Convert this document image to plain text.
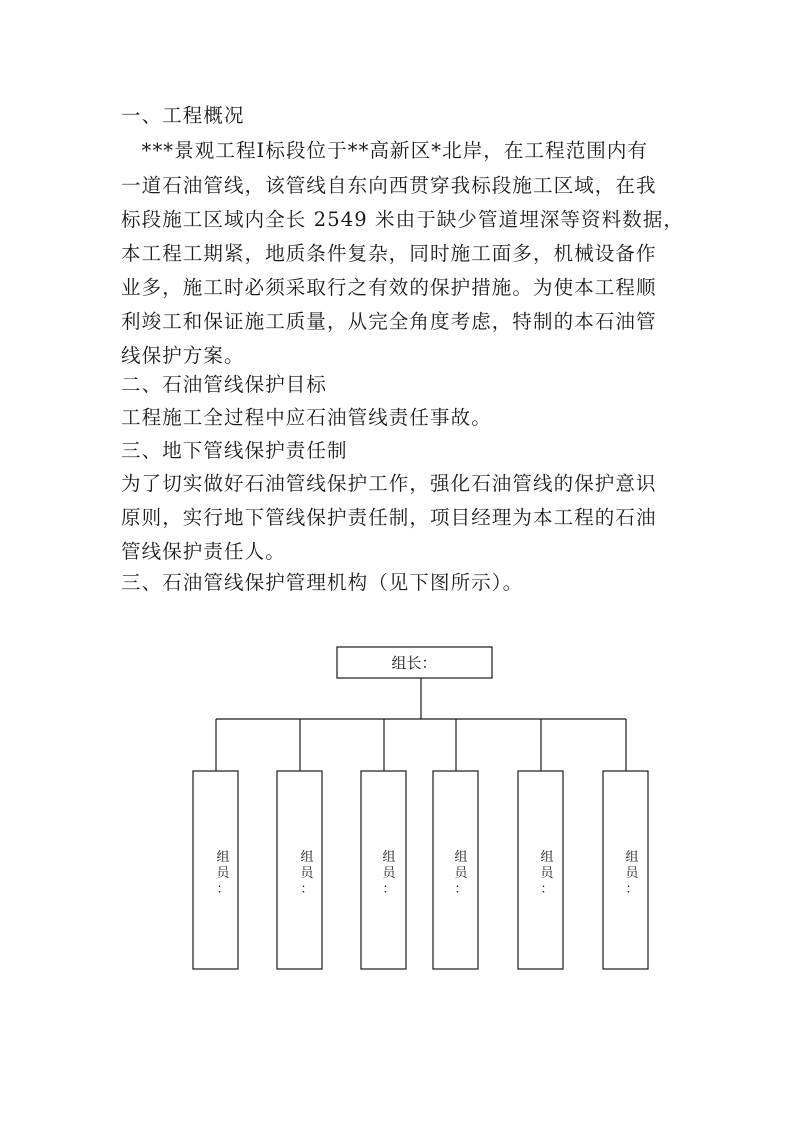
一、工程概况
　***景观工程Ⅰ标段位于**高新区*北岸，在工程范围内有
一道石油管线，该管线自东向西贯穿我标段施工区域，在我
标段施工区域内全长 2549 米由于缺少管道埋深等资料数据，
本工程工期紧，地质条件复杂，同时施工面多，机械设备作
业多，施工时必须采取行之有效的保护措施。为使本工程顺
利竣工和保证施工质量，从完全角度考虑，特制的本石油管
线保护方案。
二、石油管线保护目标
工程施工全过程中应石油管线责任事故。
三、地下管线保护责任制
为了切实做好石油管线保护工作，强化石油管线的保护意识
原则，实行地下管线保护责任制，项目经理为本工程的石油
管线保护责任人。
三、石油管线保护管理机构（见下图所示）。
组长：
组员：
组员：
组员：
组员：
组员：
组员：
